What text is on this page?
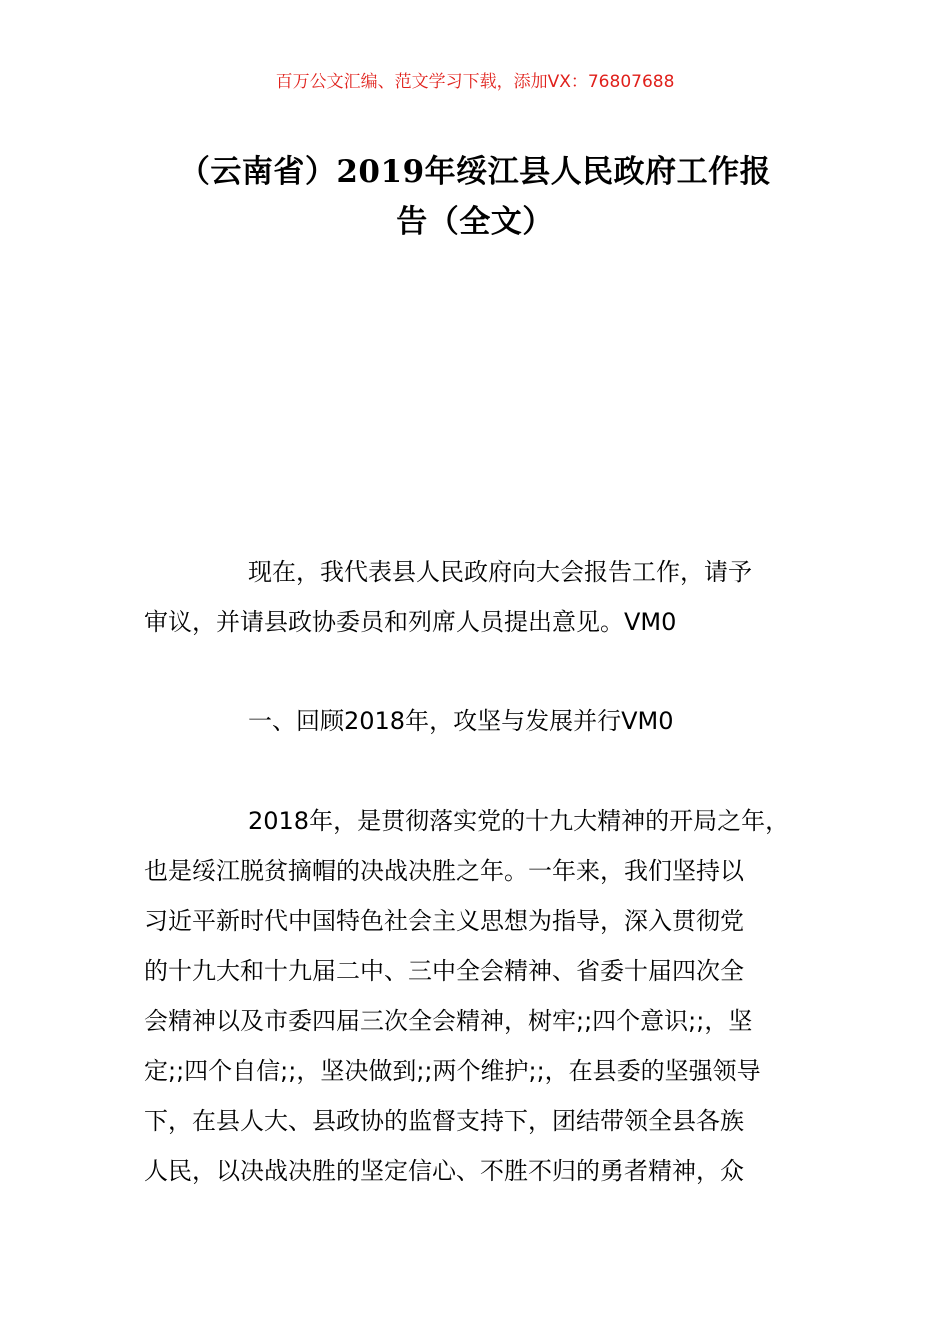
百万公文汇编、范文学习下载，添加VX：76807688
（云南省）2019年绥江县人民政府工作报
告（全文）
现在，我代表县人民政府向大会报告工作，请予
审议，并请县政协委员和列席人员提出意见。VM0
一、回顾2018年，攻坚与发展并行VM0
2018年，是贯彻落实党的十九大精神的开局之年，
也是绥江脱贫摘帽的决战决胜之年。一年来，我们坚持以
习近平新时代中国特色社会主义思想为指导，深入贯彻党
的十九大和十九届二中、三中全会精神、省委十届四次全
会精神以及市委四届三次全会精神，树牢;;四个意识;;，坚
定;;四个自信;;，坚决做到;;两个维护;;，在县委的坚强领导
下，在县人大、县政协的监督支持下，团结带领全县各族
人民，以决战决胜的坚定信心、不胜不归的勇者精神，众
